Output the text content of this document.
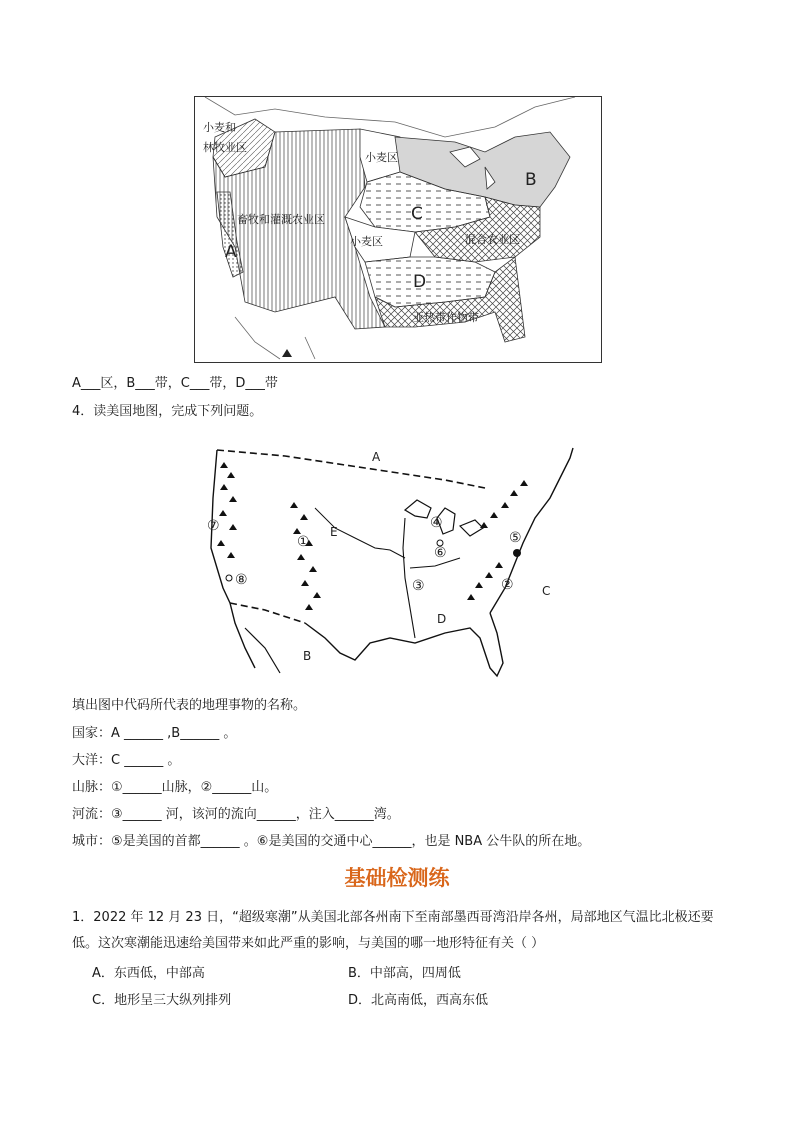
小麦和
林牧业区
小麦区
畜牧和灌溉农业区
小麦区	混合农业区
亚热带作物带
A
B
C
D
A___区，B___带，C___带，D___带
4．读美国地图，完成下列问题。
A
B
C
D
E
①
②
③
④
⑤
⑥
⑦
⑧
填出图中代码所代表的地理事物的名称。
国家：A ______ ,B______ 。
大洋：C ______ 。
山脉：①______山脉，②______山。
河流：③______ 河，该河的流向______，注入______湾。
城市：⑤是美国的首都______ 。⑥是美国的交通中心______，也是 NBA 公牛队的所在地。
基础检测练
1．2022 年 12 月 23 日，“超级寒潮”从美国北部各州南下至南部墨西哥湾沿岸各州，局部地区气温比北极还要低。这次寒潮能迅速给美国带来如此严重的影响，与美国的哪一地形特征有关（ ）
A．东西低，中部高	B．中部高，四周低
C．地形呈三大纵列排列	D．北高南低，西高东低
